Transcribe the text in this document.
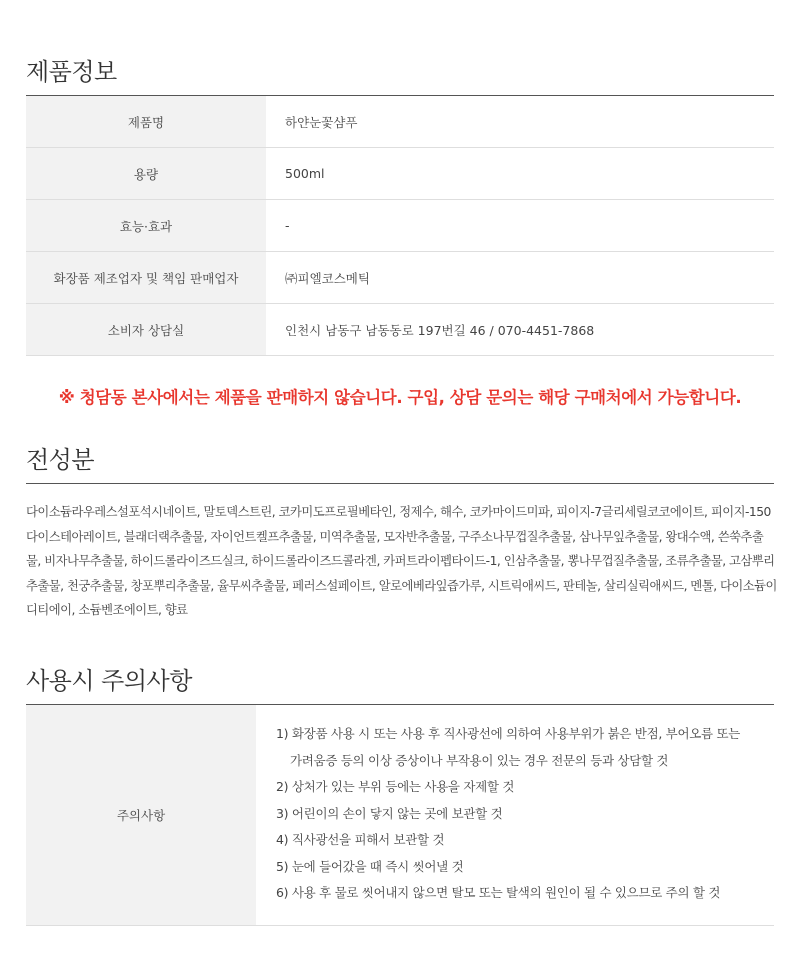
제품정보
제품명	하얀눈꽃샴푸
용량	500ml
효능·효과	-
화장품 제조업자 및 책임 판매업자	㈜피엘코스메틱
소비자 상담실	인천시 남동구 남동동로 197번길 46 / 070-4451-7868
※ 청담동 본사에서는 제품을 판매하지 않습니다. 구입, 상담 문의는 해당 구매처에서 가능합니다.
전성분

다이소듐라우레스설포석시네이트, 말토덱스트린, 코카미도프로필베타인, 정제수, 해수, 코카마이드미파, 피이지-7글리세릴코코에이트, 피이지-150다이스테아레이트, 블래더랙추출물, 자이언트켈프추출물, 미역추출물, 모자반추출물, 구주소나무껍질추출물, 삼나무잎추출물, 왕대수액, 쓴쑥추출물, 비자나무추출물, 하이드롤라이즈드실크, 하이드롤라이즈드콜라겐, 카퍼트라이펩타이드-1, 인삼추출물, 뽕나무껍질추출물, 조류추출물, 고삼뿌리추출물, 천궁추출물, 창포뿌리추출물, 율무씨추출물, 페러스설페이트, 알로에베라잎즙가루, 시트릭애씨드, 판테놀, 살리실릭애씨드, 멘톨, 다이소듐이디티에이, 소듐벤조에이트, 향료

사용시 주의사항
주의사항	
1) 화장품 사용 시 또는 사용 후 직사광선에 의하여 사용부위가 붉은 반점, 부어오름 또는
가려움증 등의 이상 증상이나 부작용이 있는 경우 전문의 등과 상담할 것
2) 상처가 있는 부위 등에는 사용을 자제할 것
3) 어린이의 손이 닿지 않는 곳에 보관할 것
4) 직사광선을 피해서 보관할 것
5) 눈에 들어갔을 때 즉시 씻어낼 것
6) 사용 후 물로 씻어내지 않으면 탈모 또는 탈색의 원인이 될 수 있으므로 주의 할 것
